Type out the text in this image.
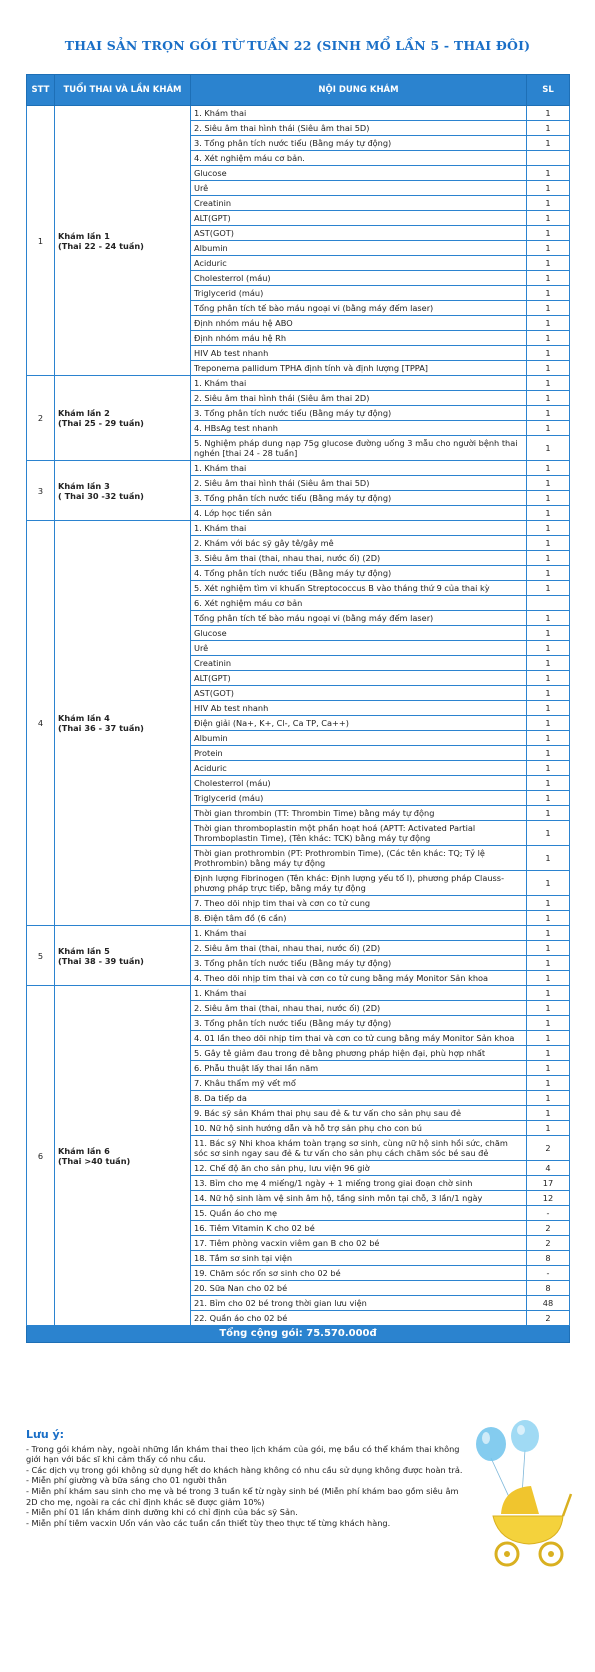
THAI SẢN TRỌN GÓI TỪ TUẦN 22 (SINH MỔ LẦN 5 - THAI ĐÔI)
STT	TUỔI THAI VÀ LẦN KHÁM	NỘI DUNG KHÁM	SL
1	Khám lần 1
(Thai 22 - 24 tuần)	1. Khám thai	1
		2. Siêu âm thai hình thái (Siêu âm thai 5D)	1
		3. Tổng phân tích nước tiểu (Bằng máy tự động)	1
		4. Xét nghiệm máu cơ bản.	
		Glucose	1
		Urê	1
		Creatinin	1
		ALT(GPT)	1
		AST(GOT)	1
		Albumin	1
		Aciduric	1
		Cholesterrol (máu)	1
		Triglycerid (máu)	1
		Tổng phân tích tế bào máu ngoại vi (bằng máy đếm laser)	1
		Định nhóm máu hệ ABO	1
		Định nhóm máu hệ Rh	1
		HIV Ab test nhanh	1
		Treponema pallidum TPHA định tính và định lượng [TPPA]	1
2	Khám lần 2
(Thai 25 - 29 tuần)	1. Khám thai	1
		2. Siêu âm thai hình thái (Siêu âm thai 2D)	1
		3. Tổng phân tích nước tiểu (Bằng máy tự động)	1
		4. HBsAg test nhanh	1
		5. Nghiệm pháp dung nạp 75g glucose đường uống 3 mẫu cho người bệnh thai nghén [thai 24 - 28 tuần]	1
3	Khám lần 3
( Thai 30 -32 tuần)	1. Khám thai	1
		2. Siêu âm thai hình thái (Siêu âm thai 5D)	1
		3. Tổng phân tích nước tiểu (Bằng máy tự động)	1
		4. Lớp học tiền sản	1
4	Khám lần 4
(Thai 36 - 37 tuần)	1. Khám thai	1
		2. Khám với bác sỹ gây tê/gây mê	1
		3. Siêu âm thai (thai, nhau thai, nước ối) (2D)	1
		4. Tổng phân tích nước tiểu (Bằng máy tự động)	1
		5. Xét nghiệm tìm vi khuẩn Streptococcus B vào tháng thứ 9 của thai kỳ	1
		6. Xét nghiệm máu cơ bản	
		Tổng phân tích tế bào máu ngoại vi (bằng máy đếm laser)	1
		Glucose	1
		Urê	1
		Creatinin	1
		ALT(GPT)	1
		AST(GOT)	1
		HIV Ab test nhanh	1
		Điện giải (Na+, K+, Cl-, Ca TP, Ca++)	1
		Albumin	1
		Protein	1
		Aciduric	1
		Cholesterrol (máu)	1
		Triglycerid (máu)	1
		Thời gian thrombin (TT: Thrombin Time) bằng máy tự động	1
		Thời gian thromboplastin một phần hoạt hoá (APTT: Activated Partial Thromboplastin Time), (Tên khác: TCK) bằng máy tự động	1
		Thời gian prothrombin (PT: Prothrombin Time), (Các tên khác: TQ; Tỷ lệ Prothrombin) bằng máy tự động	1
		Định lượng Fibrinogen (Tên khác: Định lượng yếu tố I), phương pháp Clauss- phương pháp trực tiếp, bằng máy tự động	1
		7. Theo dõi nhịp tim thai và cơn co tử cung	1
		8. Điện tâm đồ (6 cần)	1
5	Khám lần 5
(Thai 38 - 39 tuần)	1. Khám thai	1
		2. Siêu âm thai (thai, nhau thai, nước ối) (2D)	1
		3. Tổng phân tích nước tiểu (Bằng máy tự động)	1
		4. Theo dõi nhịp tim thai và cơn co tử cung bằng máy Monitor Sản khoa	1
6	Khám lần 6
(Thai >40 tuần)	1. Khám thai	1
		2. Siêu âm thai (thai, nhau thai, nước ối) (2D)	1
		3. Tổng phân tích nước tiểu (Bằng máy tự động)	1
		4. 01 lần theo dõi nhịp tim thai và cơn co tử cung bằng máy Monitor Sản khoa	1
		5. Gây tê giảm đau trong đẻ bằng phương pháp hiện đại, phù hợp nhất	1
		6. Phẫu thuật lấy thai lần năm	1
		7. Khâu thẩm mỹ vết mổ	1
		8. Da tiếp da	1
		9. Bác sỹ sản Khám thai phụ sau đẻ & tư vấn cho sản phụ sau đẻ	1
		10. Nữ hộ sinh hướng dẫn và hỗ trợ sản phụ cho con bú	1
		11. Bác sỹ Nhi khoa khám toàn trạng sơ sinh, cùng nữ hộ sinh hồi sức, chăm sóc sơ sinh ngay sau đẻ & tư vấn cho sản phụ cách chăm sóc bé sau đẻ	2
		12. Chế độ ăn cho sản phụ, lưu viện 96 giờ	4
		13. Bỉm cho mẹ 4 miếng/1 ngày + 1 miếng trong giai đoạn chờ sinh	17
		14. Nữ hộ sinh làm vệ sinh âm hộ, tầng sinh môn tại chỗ, 3 lần/1 ngày	12
		15. Quần áo cho mẹ	-
		16. Tiêm Vitamin K cho 02 bé	2
		17. Tiêm phòng vacxin viêm gan B cho 02 bé	2
		18. Tắm sơ sinh tại viện	8
		19. Chăm sóc rốn sơ sinh cho 02 bé	-
		20. Sữa Nan cho 02 bé	8
		21. Bỉm cho 02 bé trong thời gian lưu viện	48
		22. Quần áo cho 02 bé	2
Tổng cộng gói: 75.570.000đ			
Lưu ý:
- Trong gói khám này, ngoài những lần khám thai theo lịch khám của gói, mẹ bầu có thể khám thai không giới hạn với bác sĩ khi cảm thấy có nhu cầu.
- Các dịch vụ trong gói không sử dụng hết do khách hàng không có nhu cầu sử dụng không được hoàn trả.
- Miễn phí giường và bữa sáng cho 01 người thân
- Miễn phí khám sau sinh cho mẹ và bé trong 3 tuần kể từ ngày sinh bé (Miễn phí khám bao gồm siêu âm 2D cho mẹ, ngoài ra các chỉ định khác sẽ được giảm 10%)
- Miễn phí 01 lần khám dinh dưỡng khi có chỉ định của bác sỹ Sản.
- Miễn phí tiêm vacxin Uốn ván vào các tuần cần thiết tùy theo thực tế từng khách hàng.
